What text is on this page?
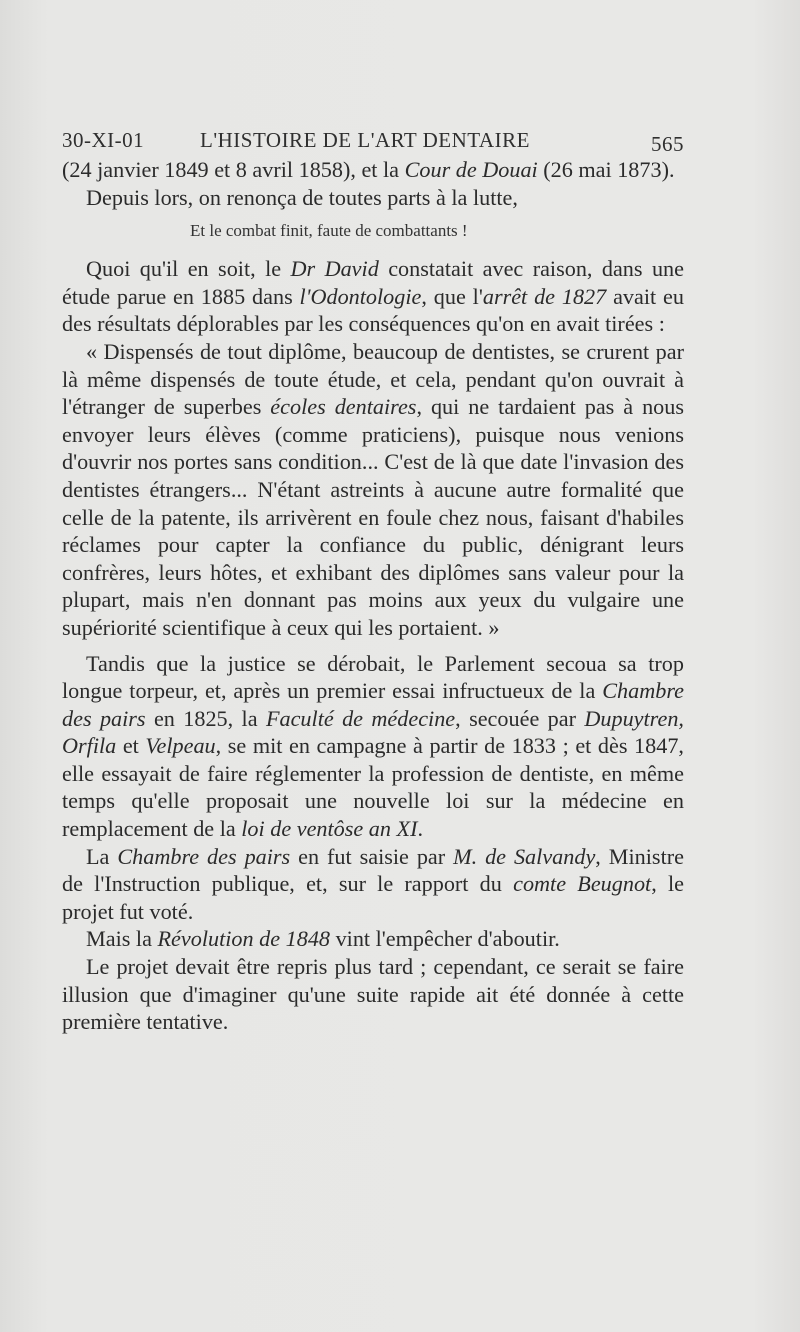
30-XI-01	L'HISTOIRE DE L'ART DENTAIRE	565

(24 janvier 1849 et 8 avril 1858), et la Cour de Douai (26 mai 1873).

Depuis lors, on renonça de toutes parts à la lutte,

Et le combat finit, faute de combattants !

Quoi qu'il en soit, le Dr David constatait avec raison, dans une étude parue en 1885 dans l'Odontologie, que l'arrêt de 1827 avait eu des résultats déplorables par les conséquences qu'on en avait tirées :

« Dispensés de tout diplôme, beaucoup de dentistes, se crurent par là même dispensés de toute étude, et cela, pendant qu'on ouvrait à l'étranger de superbes écoles dentaires, qui ne tardaient pas à nous envoyer leurs élèves (comme praticiens), puisque nous venions d'ouvrir nos portes sans condition... C'est de là que date l'invasion des dentistes étrangers... N'étant astreints à aucune autre formalité que celle de la patente, ils arrivèrent en foule chez nous, faisant d'habiles réclames pour capter la confiance du public, dénigrant leurs confrères, leurs hôtes, et exhibant des diplômes sans valeur pour la plupart, mais n'en donnant pas moins aux yeux du vulgaire une supériorité scientifique à ceux qui les portaient. »

Tandis que la justice se dérobait, le Parlement secoua sa trop longue torpeur, et, après un premier essai infructueux de la Chambre des pairs en 1825, la Faculté de médecine, secouée par Dupuytren, Orfila et Velpeau, se mit en campagne à partir de 1833 ; et dès 1847, elle essayait de faire réglementer la profession de dentiste, en même temps qu'elle proposait une nouvelle loi sur la médecine en remplacement de la loi de ventôse an XI.

La Chambre des pairs en fut saisie par M. de Salvandy, Ministre de l'Instruction publique, et, sur le rapport du comte Beugnot, le projet fut voté.

Mais la Révolution de 1848 vint l'empêcher d'aboutir.

Le projet devait être repris plus tard ; cependant, ce serait se faire illusion que d'imaginer qu'une suite rapide ait été donnée à cette première tentative.
